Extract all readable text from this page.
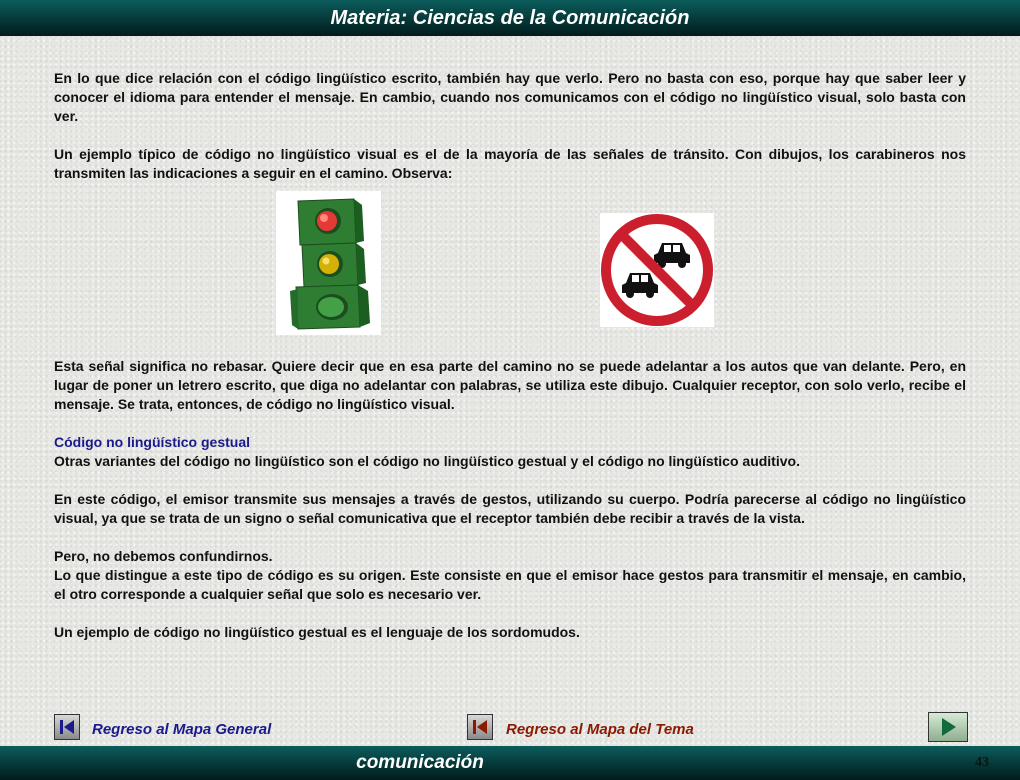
Materia: Ciencias de la Comunicación

En lo que dice relación con el código lingüístico escrito, también hay que verlo. Pero no basta con eso, porque hay que saber leer y conocer el idioma para entender el mensaje. En cambio, cuando nos comunicamos con el código no lingüístico visual, solo basta con ver.

Un ejemplo típico de código no lingüístico visual es el de la mayoría de las señales de tránsito. Con dibujos, los carabineros nos transmiten las indicaciones a seguir en el camino. Observa:

Esta señal significa no rebasar. Quiere decir que en esa parte del camino no se puede adelantar a los autos que van delante. Pero, en lugar de poner un letrero escrito, que diga no adelantar con palabras, se utiliza este dibujo. Cualquier receptor, con solo verlo, recibe el mensaje. Se trata, entonces, de código no lingüístico visual.

Código no lingüístico gestual

Otras variantes del código no lingüístico son el código no lingüístico gestual y el código no lingüístico auditivo.

En este código, el emisor transmite sus mensajes a través de gestos, utilizando su cuerpo. Podría parecerse al código no lingüístico visual, ya que se trata de un signo o señal comunicativa que el receptor también debe recibir a través de la vista.

Pero, no debemos confundirnos.

Lo que distingue a este tipo de código es su origen. Este consiste en que el emisor hace gestos para transmitir el mensaje, en cambio, el otro corresponde a cualquier señal que solo es necesario ver.

Un ejemplo de código no lingüístico gestual es el lenguaje de los sordomudos.

Regreso al Mapa General	Regreso al Mapa del Tema
comunicación	43
